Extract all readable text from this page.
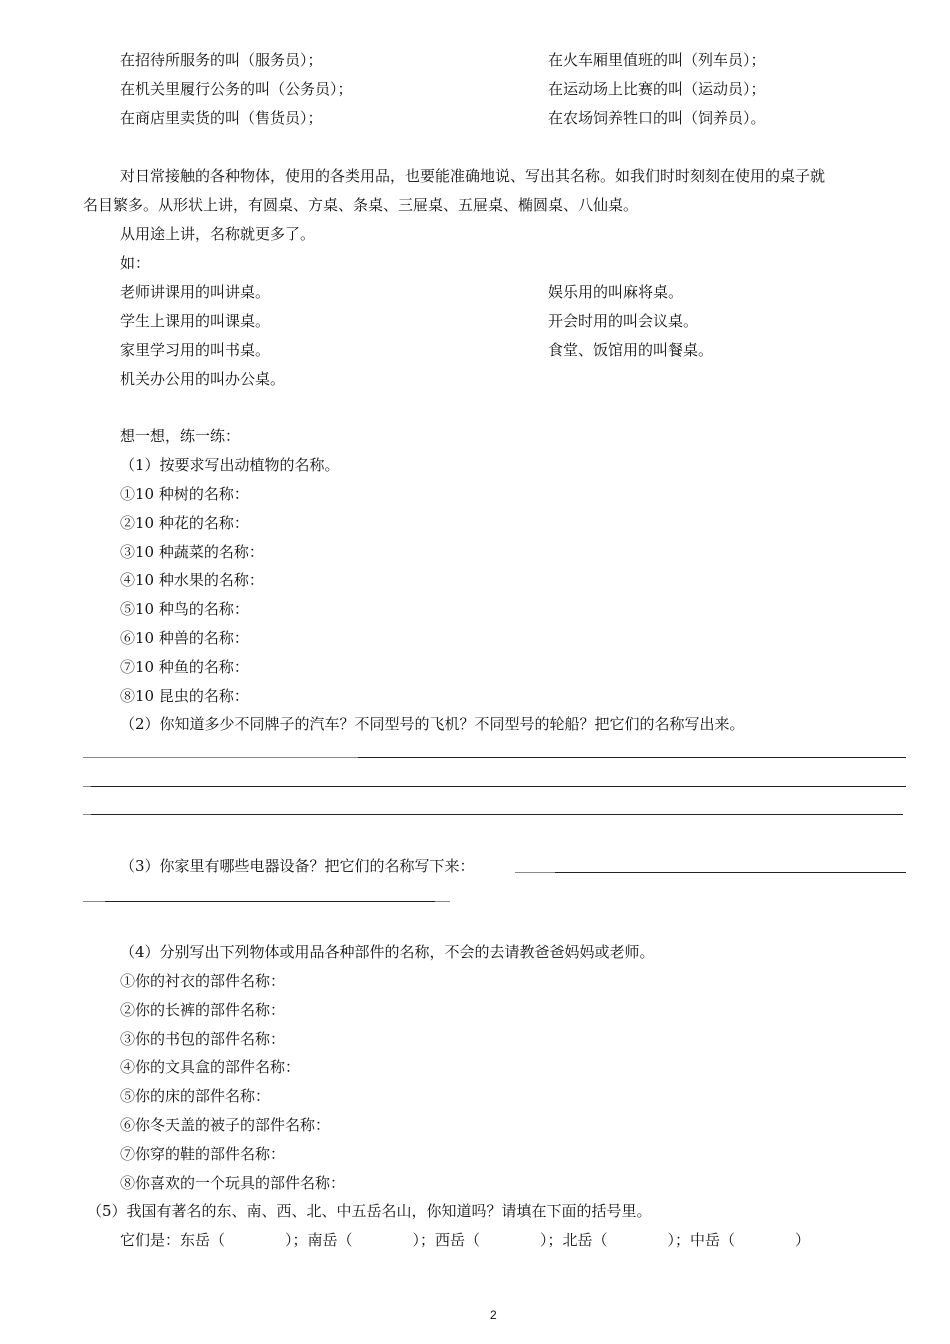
在招待所服务的叫（服务员）；	在火车厢里值班的叫（列车员）；
在机关里履行公务的叫（公务员）；	在运动场上比赛的叫（运动员）；
在商店里卖货的叫（售货员）；	在农场饲养牲口的叫（饲养员）。
对日常接触的各种物体，使用的各类用品，也要能准确地说、写出其名称。如我们时时刻刻在使用的桌子就
名目繁多。从形状上讲，有圆桌、方桌、条桌、三屉桌、五屉桌、椭圆桌、八仙桌。
从用途上讲，名称就更多了。
如：
老师讲课用的叫讲桌。	娱乐用的叫麻将桌。
学生上课用的叫课桌。	开会时用的叫会议桌。
家里学习用的叫书桌。	食堂、饭馆用的叫餐桌。
机关办公用的叫办公桌。
想一想，练一练：
（1）按要求写出动植物的名称。
①10 种树的名称：
②10 种花的名称：
③10 种蔬菜的名称：
④10 种水果的名称：
⑤10 种鸟的名称：
⑥10 种兽的名称：
⑦10 种鱼的名称：
⑧10 昆虫的名称：
（2）你知道多少不同牌子的汽车？不同型号的飞机？不同型号的轮船？把它们的名称写出来。
（3）你家里有哪些电器设备？把它们的名称写下来：
（4）分别写出下列物体或用品各种部件的名称，不会的去请教爸爸妈妈或老师。
①你的衬衣的部件名称：
②你的长裤的部件名称：
③你的书包的部件名称：
④你的文具盒的部件名称：
⑤你的床的部件名称：
⑥你冬天盖的被子的部件名称：
⑦你穿的鞋的部件名称：
⑧你喜欢的一个玩具的部件名称：
（5）我国有著名的东、南、西、北、中五岳名山，你知道吗？请填在下面的括号里。
它们是：东岳（　　　　）；南岳（　　　　）；西岳（　　　　）；北岳（　　　　）；中岳（　　　　）
2
